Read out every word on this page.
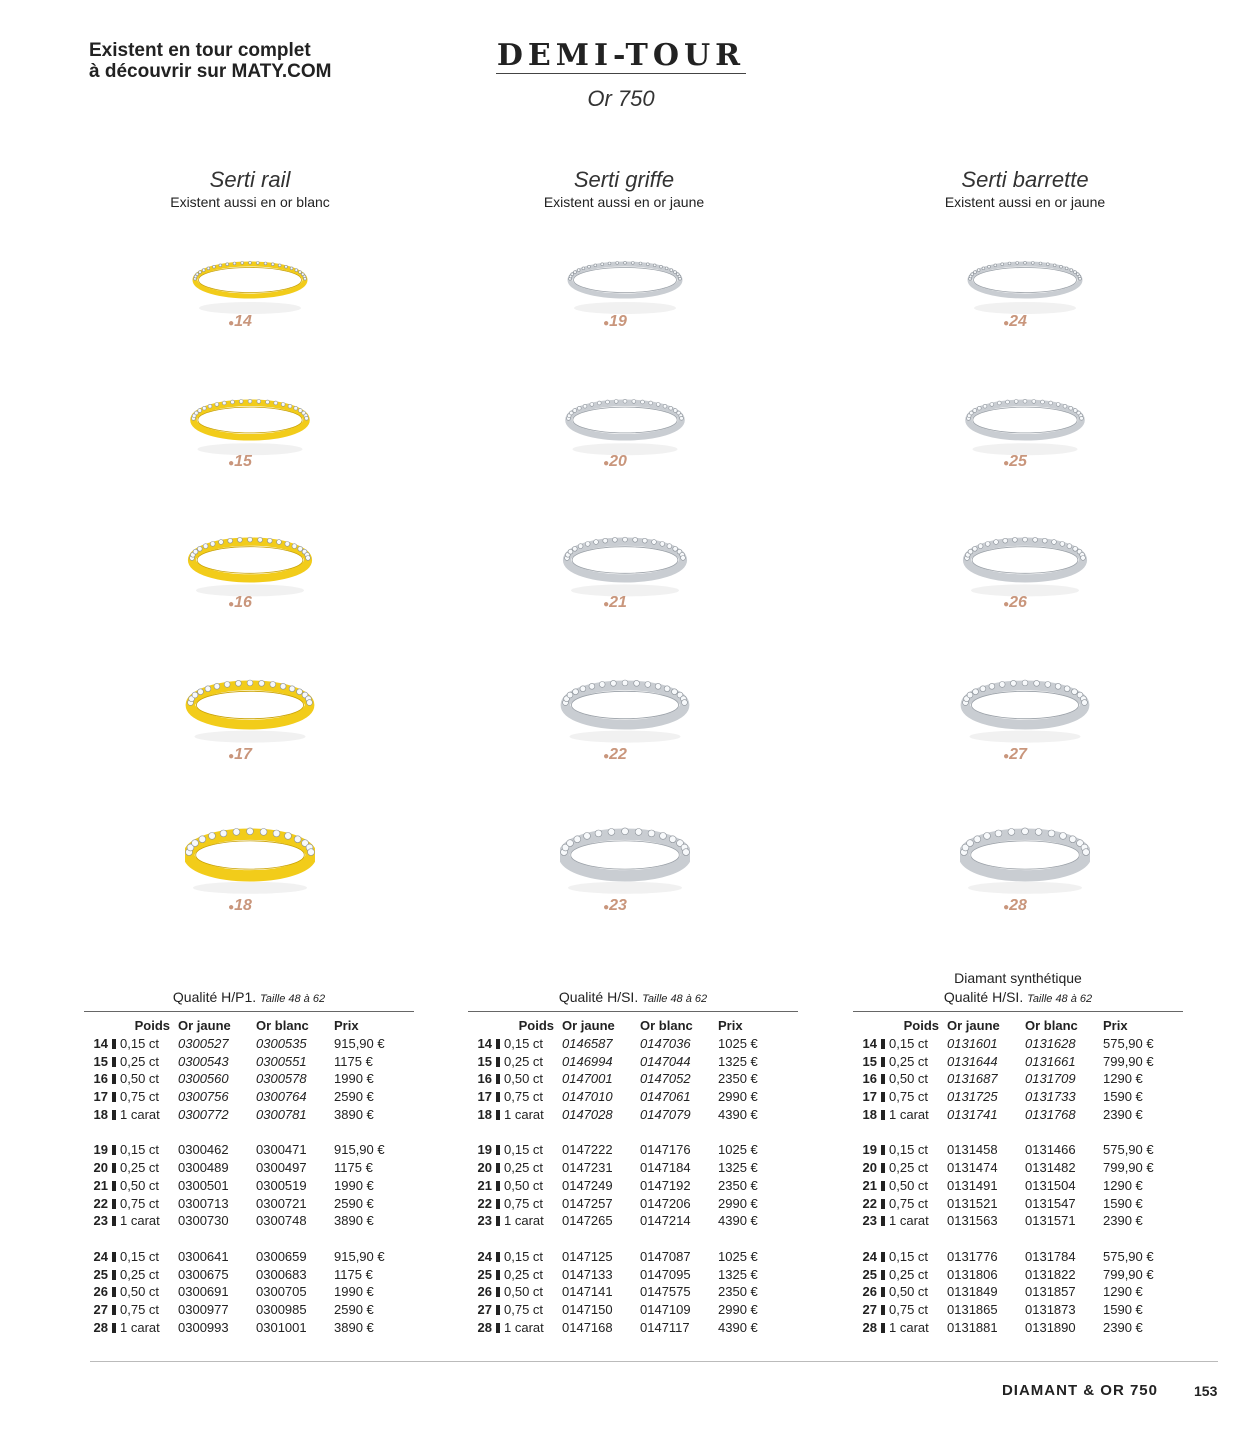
Existent en tour complet
à découvrir sur MATY.COM	DEMI-TOUR
Or 750
Serti rail
Existent aussi en or blanc
●14
●15
●16
●17
●18
Serti griffe
Existent aussi en or jaune
●19
●20
●21
●22
●23
Serti barrette
Existent aussi en or jaune
●24
●25
●26
●27
●28
Qualité H/P1. Taille 48 à 62
Poids Or jaune	Or blanc	Prix
14 0,15 ct	0300527	0300535	915,90 €
15 0,25 ct	0300543	0300551	1175 €
16 0,50 ct	0300560	0300578	1990 €
17 0,75 ct	0300756	0300764	2590 €
18 1 carat	0300772	0300781	3890 €
19 0,15 ct	0300462	0300471	915,90 €
20 0,25 ct	0300489	0300497	1175 €
21 0,50 ct	0300501	0300519	1990 €
22 0,75 ct	0300713	0300721	2590 €
23 1 carat	0300730	0300748	3890 €
24 0,15 ct	0300641	0300659	915,90 €
25 0,25 ct	0300675	0300683	1175 €
26 0,50 ct	0300691	0300705	1990 €
27 0,75 ct	0300977	0300985	2590 €
28 1 carat	0300993	0301001	3890 €
Qualité H/SI. Taille 48 à 62
Poids Or jaune	Or blanc	Prix
14 0,15 ct	0146587	0147036	1025 €
15 0,25 ct	0146994	0147044	1325 €
16 0,50 ct	0147001	0147052	2350 €
17 0,75 ct	0147010	0147061	2990 €
18 1 carat	0147028	0147079	4390 €
19 0,15 ct	0147222	0147176	1025 €
20 0,25 ct	0147231	0147184	1325 €
21 0,50 ct	0147249	0147192	2350 €
22 0,75 ct	0147257	0147206	2990 €
23 1 carat	0147265	0147214	4390 €
24 0,15 ct	0147125	0147087	1025 €
25 0,25 ct	0147133	0147095	1325 €
26 0,50 ct	0147141	0147575	2350 €
27 0,75 ct	0147150	0147109	2990 €
28 1 carat	0147168	0147117	4390 €
Diamant synthétique
Qualité H/SI. Taille 48 à 62
Poids Or jaune	Or blanc	Prix
14 0,15 ct	0131601	0131628	575,90 €
15 0,25 ct	0131644	0131661	799,90 €
16 0,50 ct	0131687	0131709	1290 €
17 0,75 ct	0131725	0131733	1590 €
18 1 carat	0131741	0131768	2390 €
19 0,15 ct	0131458	0131466	575,90 €
20 0,25 ct	0131474	0131482	799,90 €
21 0,50 ct	0131491	0131504	1290 €
22 0,75 ct	0131521	0131547	1590 €
23 1 carat	0131563	0131571	2390 €
24 0,15 ct	0131776	0131784	575,90 €
25 0,25 ct	0131806	0131822	799,90 €
26 0,50 ct	0131849	0131857	1290 €
27 0,75 ct	0131865	0131873	1590 €
28 1 carat	0131881	0131890	2390 €
DIAMANT & OR 750	153
